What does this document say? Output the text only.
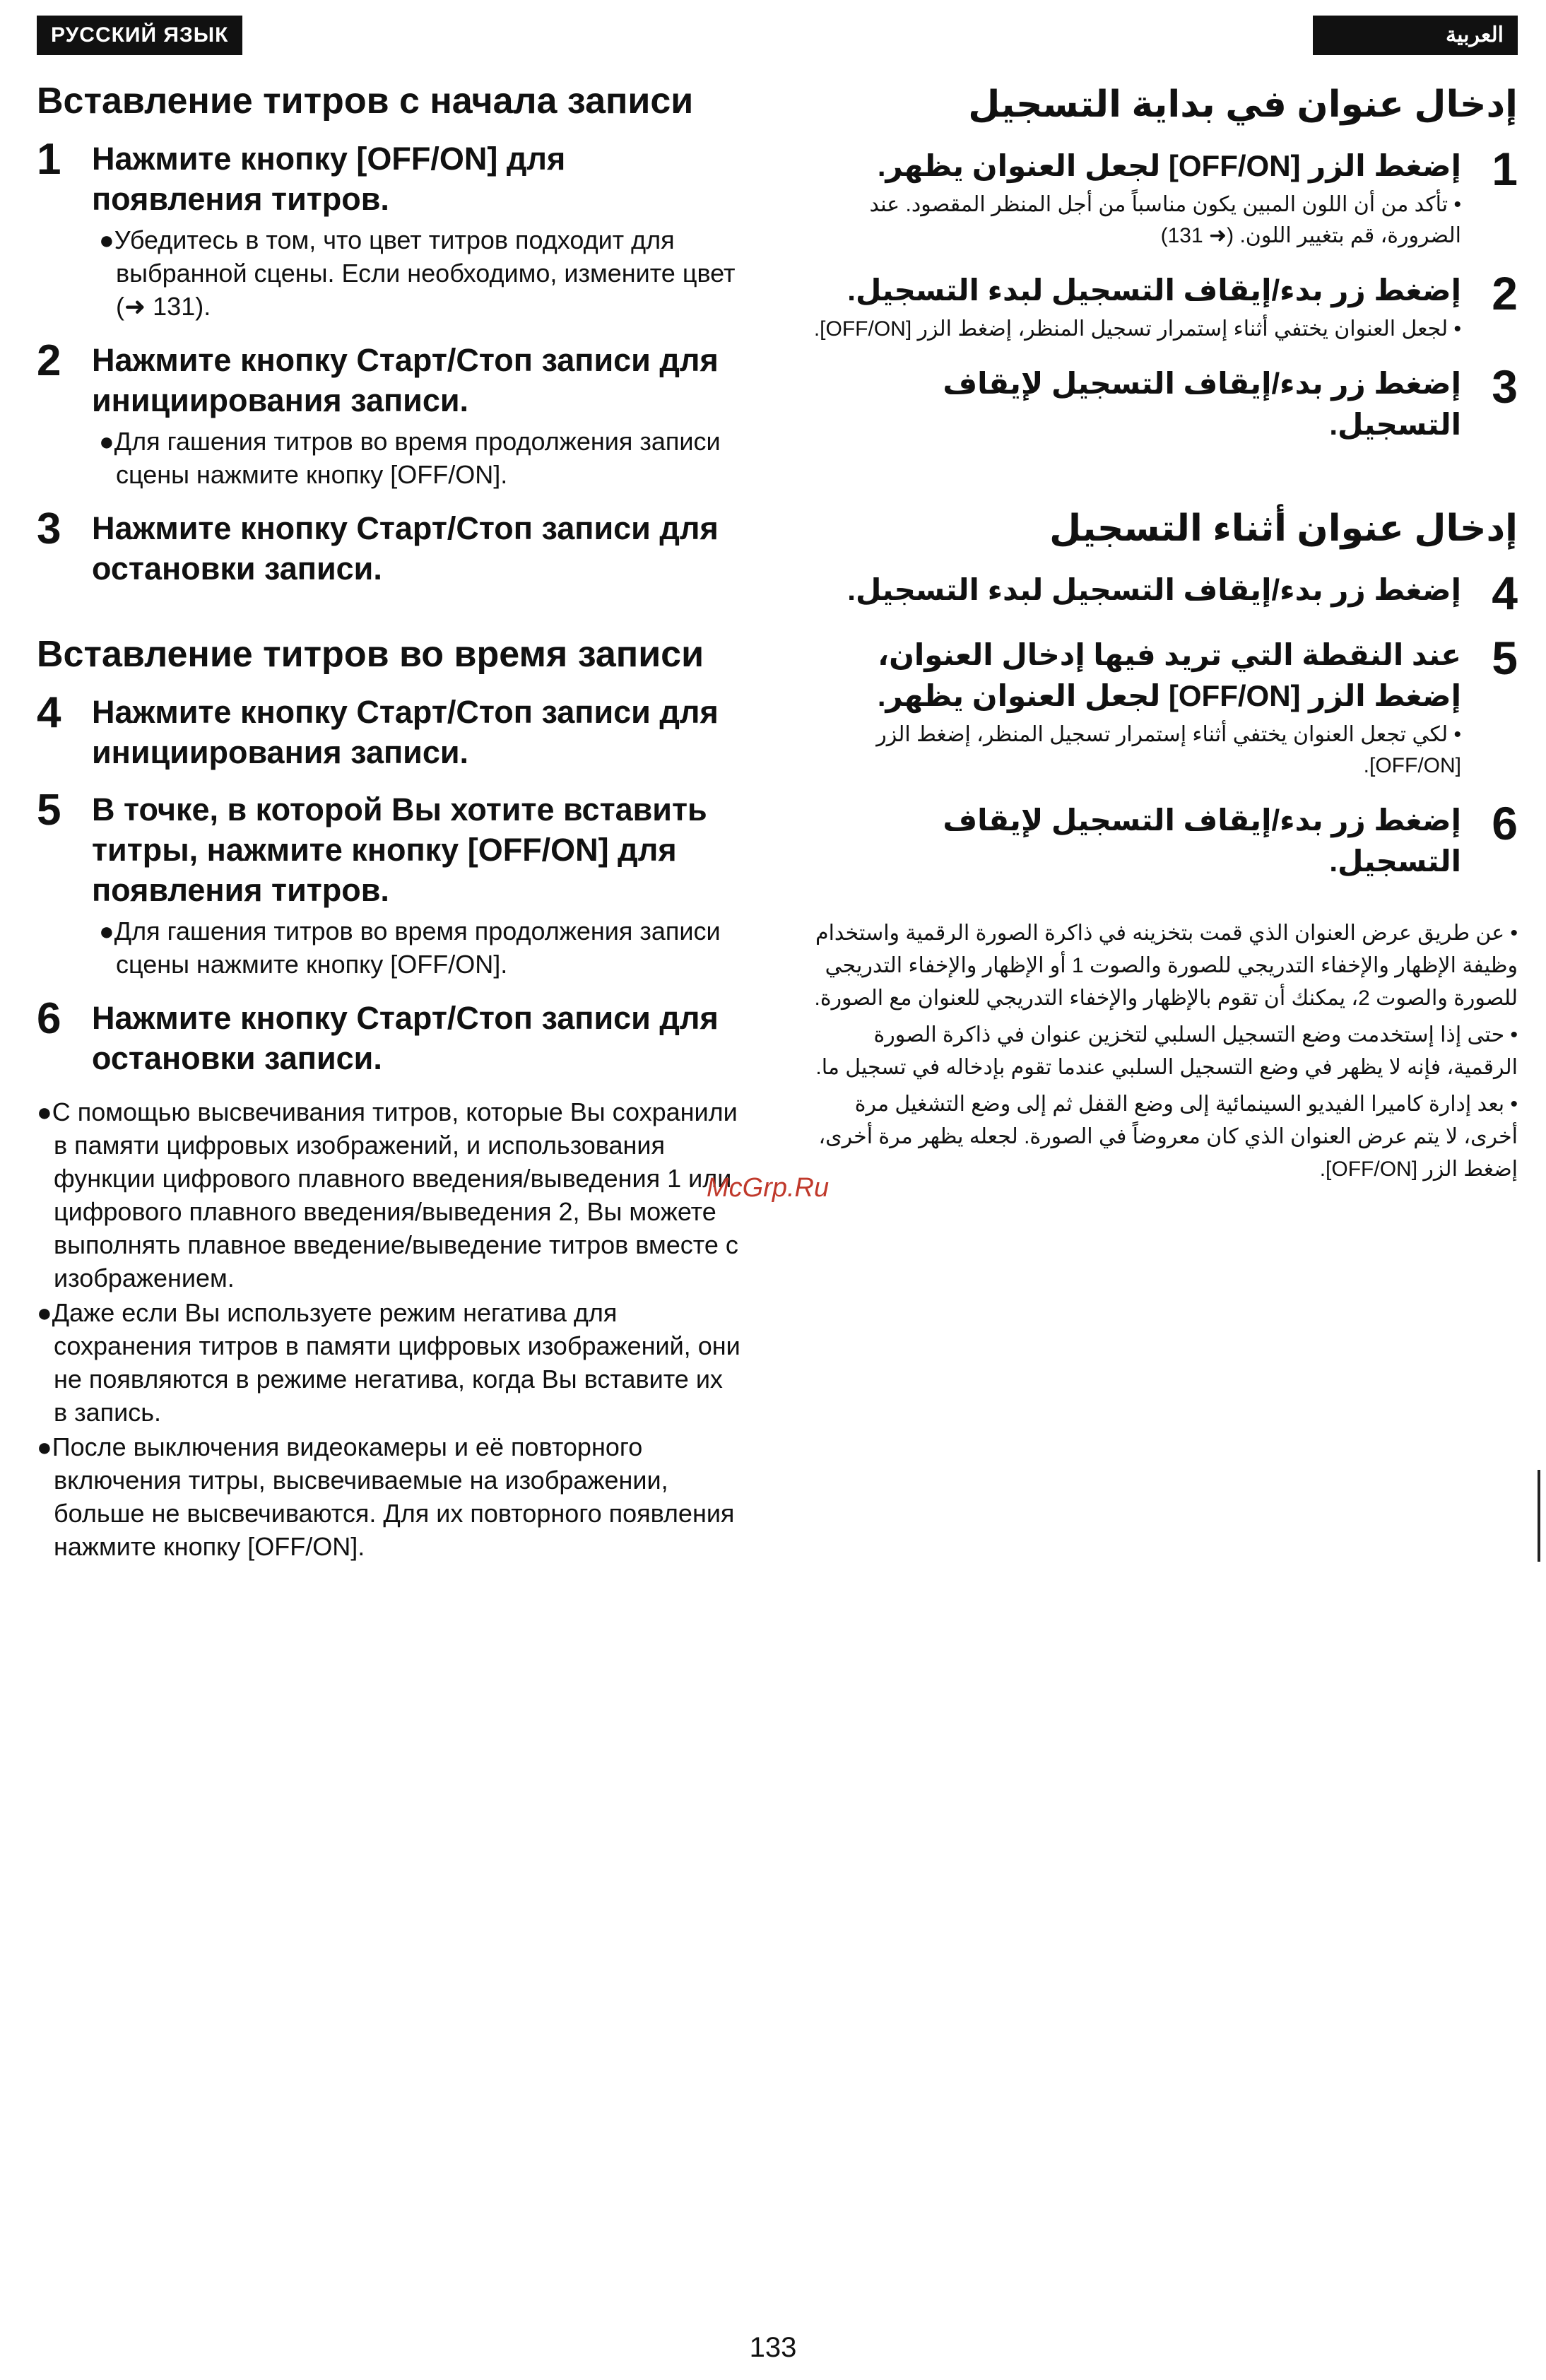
РУССКИЙ ЯЗЫК	العربية
Вставление титров с начала записи
1 Нажмите кнопку [OFF/ON] для появления титров.
●Убедитесь в том, что цвет титров подходит для выбранной сцены. Если необходимо, измените цвет (➜ 131).
2 Нажмите кнопку Старт/Стоп записи для инициирования записи.
●Для гашения титров во время продолжения записи сцены нажмите кнопку [OFF/ON].
3 Нажмите кнопку Старт/Стоп записи для остановки записи.
Вставление титров во время записи
4 Нажмите кнопку Старт/Стоп записи для инициирования записи.
5 В точке, в которой Вы хотите вставить титры, нажмите кнопку [OFF/ON] для появления титров.
●Для гашения титров во время продолжения записи сцены нажмите кнопку [OFF/ON].
6 Нажмите кнопку Старт/Стоп записи для остановки записи.
●С помощью высвечивания титров, которые Вы сохранили в памяти цифровых изображений, и использования функции цифрового плавного введения/выведения 1 или цифрового плавного введения/выведения 2, Вы можете выполнять плавное введение/выведение титров вместе с изображением.
●Даже если Вы используете режим негатива для сохранения титров в памяти цифровых изображений, они не появляются в режиме негатива, когда Вы вставите их в запись.
●После выключения видеокамеры и её повторного включения титры, высвечиваемые на изображении, больше не высвечиваются. Для их повторного появления нажмите кнопку [OFF/ON].
إدخال عنوان في بداية التسجيل
1
إضغط الزر [OFF/ON] لجعل العنوان يظهر.
• تأكد من أن اللون المبين يكون مناسباً من أجل المنظر المقصود. عند الضرورة، قم بتغيير اللون. (➜ 131)
2
إضغط زر بدء/إيقاف التسجيل لبدء التسجيل.
• لجعل العنوان يختفي أثناء إستمرار تسجيل المنظر، إضغط الزر [OFF/ON].
3
إضغط زر بدء/إيقاف التسجيل لإيقاف التسجيل.
إدخال عنوان أثناء التسجيل
4
إضغط زر بدء/إيقاف التسجيل لبدء التسجيل.
5
عند النقطة التي تريد فيها إدخال العنوان، إضغط الزر [OFF/ON] لجعل العنوان يظهر.
• لكي تجعل العنوان يختفي أثناء إستمرار تسجيل المنظر، إضغط الزر [OFF/ON].
6
إضغط زر بدء/إيقاف التسجيل لإيقاف التسجيل.
• عن طريق عرض العنوان الذي قمت بتخزينه في ذاكرة الصورة الرقمية واستخدام وظيفة الإظهار والإخفاء التدريجي للصورة والصوت 1 أو الإظهار والإخفاء التدريجي للصورة والصوت 2، يمكنك أن تقوم بالإظهار والإخفاء التدريجي للعنوان مع الصورة.
• حتى إذا إستخدمت وضع التسجيل السلبي لتخزين عنوان في ذاكرة الصورة الرقمية، فإنه لا يظهر في وضع التسجيل السلبي عندما تقوم بإدخاله في تسجيل ما.
• بعد إدارة كاميرا الفيديو السينمائية إلى وضع القفل ثم إلى وضع التشغيل مرة أخرى، لا يتم عرض العنوان الذي كان معروضاً في الصورة. لجعله يظهر مرة أخرى، إضغط الزر [OFF/ON].
McGrp.Ru
133
